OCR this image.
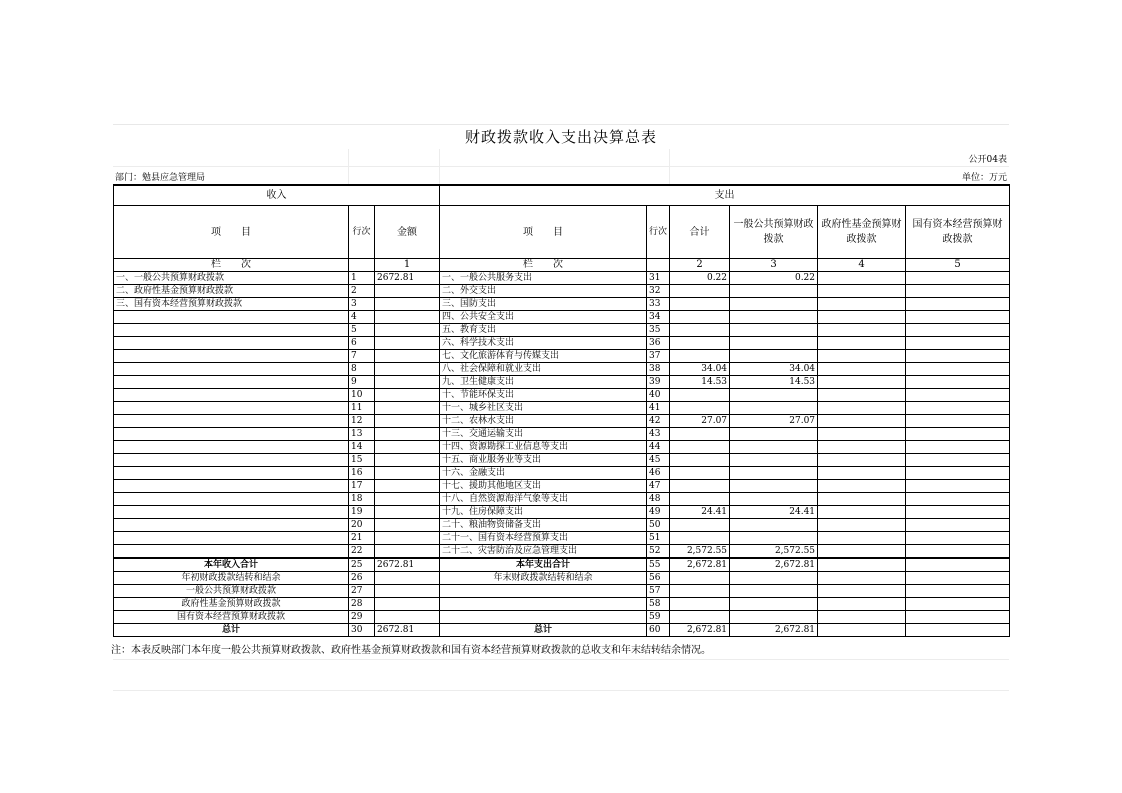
财政拨款收入支出决算总表
公开04表
部门：勉县应急管理局	单位：万元
收入			支出					
项　　目	行次	金额	项　　目	行次	合计	一般公共预算财政拨款	政府性基金预算财政拨款	国有资本经营预算财政拨款
栏　　次		1	栏　　次		2	3	4	5
一、一般公共预算财政拨款	1	2672.81	一、一般公共服务支出	31	0.22	0.22		
二、政府性基金预算财政拨款	2		二、外交支出	32				
三、国有资本经营预算财政拨款	3		三、国防支出	33				
	4		四、公共安全支出	34				
	5		五、教育支出	35				
	6		六、科学技术支出	36				
	7		七、文化旅游体育与传媒支出	37				
	8		八、社会保障和就业支出	38	34.04	34.04		
	9		九、卫生健康支出	39	14.53	14.53		
	10		十、节能环保支出	40				
	11		十一、城乡社区支出	41				
	12		十二、农林水支出	42	27.07	27.07		
	13		十三、交通运输支出	43				
	14		十四、资源勘探工业信息等支出	44				
	15		十五、商业服务业等支出	45				
	16		十六、金融支出	46				
	17		十七、援助其他地区支出	47				
	18		十八、自然资源海洋气象等支出	48				
	19		十九、住房保障支出	49	24.41	24.41		
	20		二十、粮油物资储备支出	50				
	21		二十一、国有资本经营预算支出	51				
	22		二十二、灾害防治及应急管理支出	52	2,572.55	2,572.55		
本年收入合计	25	2672.81	本年支出合计	55	2,672.81	2,672.81		
年初财政拨款结转和结余	26		年末财政拨款结转和结余	56				
一般公共预算财政拨款	27			57				
政府性基金预算财政拨款	28			58				
国有资本经营预算财政拨款	29			59				
总计	30	2672.81	总计	60	2,672.81	2,672.81		
注：本表反映部门本年度一般公共预算财政拨款、政府性基金预算财政拨款和国有资本经营预算财政拨款的总收支和年末结转结余情况。
